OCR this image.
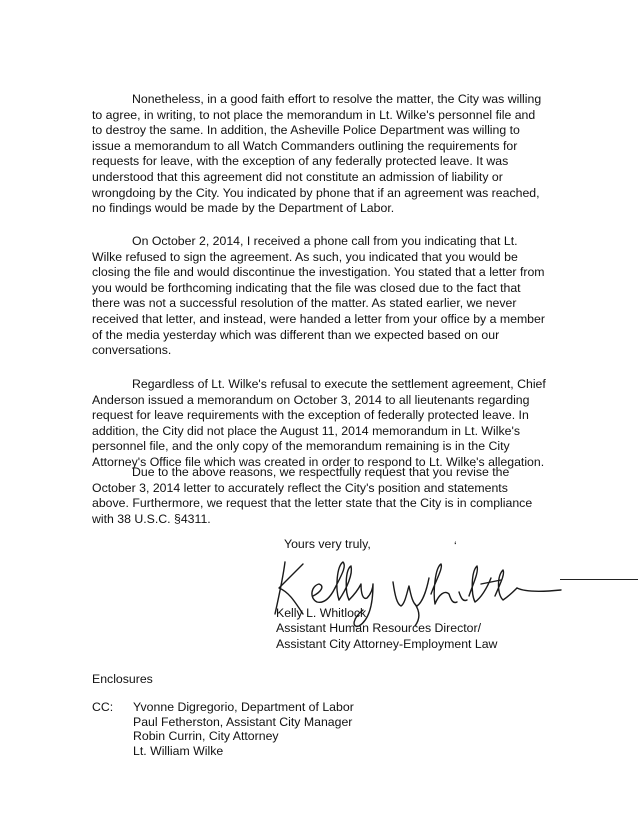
Nonetheless, in a good faith effort to resolve the matter, the City was willing to agree, in writing, to not place the memorandum in Lt. Wilke's personnel file and to destroy the same. In addition, the Asheville Police Department was willing to issue a memorandum to all Watch Commanders outlining the requirements for requests for leave, with the exception of any federally protected leave. It was understood that this agreement did not constitute an admission of liability or wrongdoing by the City. You indicated by phone that if an agreement was reached, no findings would be made by the Department of Labor.

On October 2, 2014, I received a phone call from you indicating that Lt. Wilke refused to sign the agreement. As such, you indicated that you would be closing the file and would discontinue the investigation. You stated that a letter from you would be forthcoming indicating that the file was closed due to the fact that there was not a successful resolution of the matter. As stated earlier, we never received that letter, and instead, were handed a letter from your office by a member of the media yesterday which was different than we expected based on our conversations.

Regardless of Lt. Wilke's refusal to execute the settlement agreement, Chief Anderson issued a memorandum on October 3, 2014 to all lieutenants regarding request for leave requirements with the exception of federally protected leave. In addition, the City did not place the August 11, 2014 memorandum in Lt. Wilke's personnel file, and the only copy of the memorandum remaining is in the City Attorney's Office file which was created in order to respond to Lt. Wilke's allegation.

Due to the above reasons, we respectfully request that you revise the October 3, 2014 letter to accurately reflect the City's position and statements above. Furthermore, we request that the letter state that the City is in compliance with 38 U.S.C. §4311.

Yours very truly,	‘
Kelly L. Whitlock
Assistant Human Resources Director/
Assistant City Attorney-Employment Law
Enclosures
CC: Yvonne Digregorio, Department of Labor
Paul Fetherston, Assistant City Manager
Robin Currin, City Attorney
Lt. William Wilke
